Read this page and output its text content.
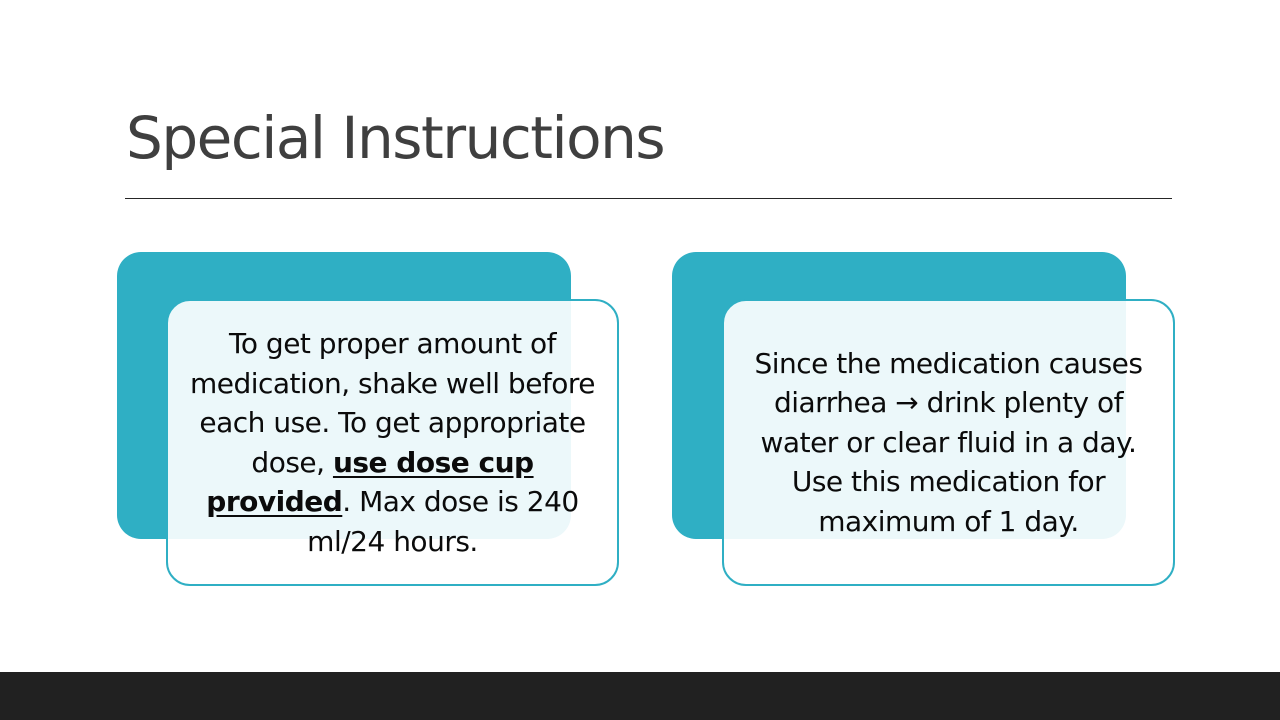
Special Instructions

To get proper amount of medication, shake well before each use. To get appropriate dose, use dose cup provided. Max dose is 240 ml/24 hours.

Since the medication causes diarrhea → drink plenty of water or clear fluid in a day. Use this medication for maximum of 1 day.
